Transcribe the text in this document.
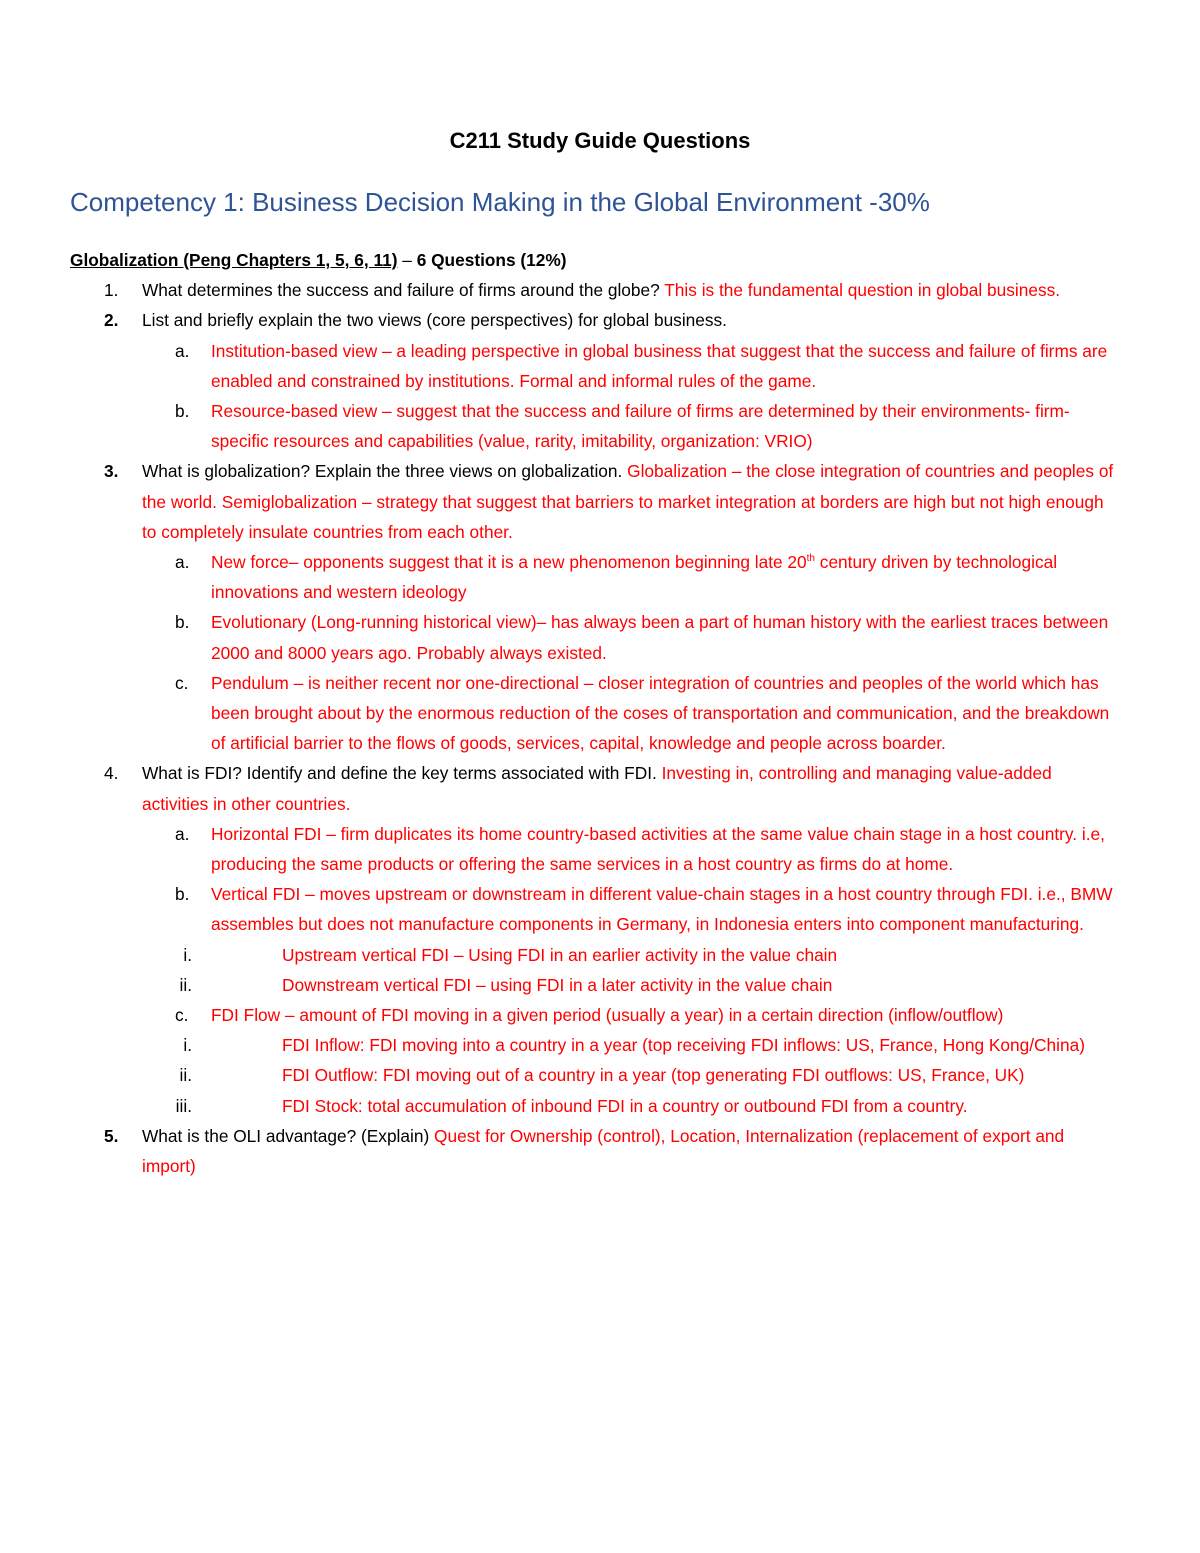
C211 Study Guide Questions
Competency 1: Business Decision Making in the Global Environment -30%
Globalization (Peng Chapters 1, 5, 6, 11) – 6 Questions (12%)
1. What determines the success and failure of firms around the globe? This is the fundamental question in global business.
2. List and briefly explain the two views (core perspectives) for global business.
a. Institution-based view – a leading perspective in global business that suggest that the success and failure of firms are enabled and constrained by institutions. Formal and informal rules of the game.
b. Resource-based view – suggest that the success and failure of firms are determined by their environments- firm-specific resources and capabilities (value, rarity, imitability, organization: VRIO)
3. What is globalization? Explain the three views on globalization. Globalization – the close integration of countries and peoples of the world. Semiglobalization – strategy that suggest that barriers to market integration at borders are high but not high enough to completely insulate countries from each other.
a. New force– opponents suggest that it is a new phenomenon beginning late 20th century driven by technological innovations and western ideology
b. Evolutionary (Long-running historical view)– has always been a part of human history with the earliest traces between 2000 and 8000 years ago. Probably always existed.
c. Pendulum – is neither recent nor one-directional – closer integration of countries and peoples of the world which has been brought about by the enormous reduction of the coses of transportation and communication, and the breakdown of artificial barrier to the flows of goods, services, capital, knowledge and people across boarder.
4. What is FDI? Identify and define the key terms associated with FDI. Investing in, controlling and managing value-added activities in other countries.
a. Horizontal FDI – firm duplicates its home country-based activities at the same value chain stage in a host country. i.e, producing the same products or offering the same services in a host country as firms do at home.
b. Vertical FDI – moves upstream or downstream in different value-chain stages in a host country through FDI. i.e., BMW assembles but does not manufacture components in Germany, in Indonesia enters into component manufacturing.
i.	Upstream vertical FDI – Using FDI in an earlier activity in the value chain
ii.	Downstream vertical FDI – using FDI in a later activity in the value chain
c. FDI Flow – amount of FDI moving in a given period (usually a year) in a certain direction (inflow/outflow)
i.	FDI Inflow: FDI moving into a country in a year (top receiving FDI inflows: US, France, Hong Kong/China)
ii.	FDI Outflow: FDI moving out of a country in a year (top generating FDI outflows: US, France, UK)
iii.	FDI Stock: total accumulation of inbound FDI in a country or outbound FDI from a country.
5. What is the OLI advantage? (Explain) Quest for Ownership (control), Location, Internalization (replacement of export and import)
